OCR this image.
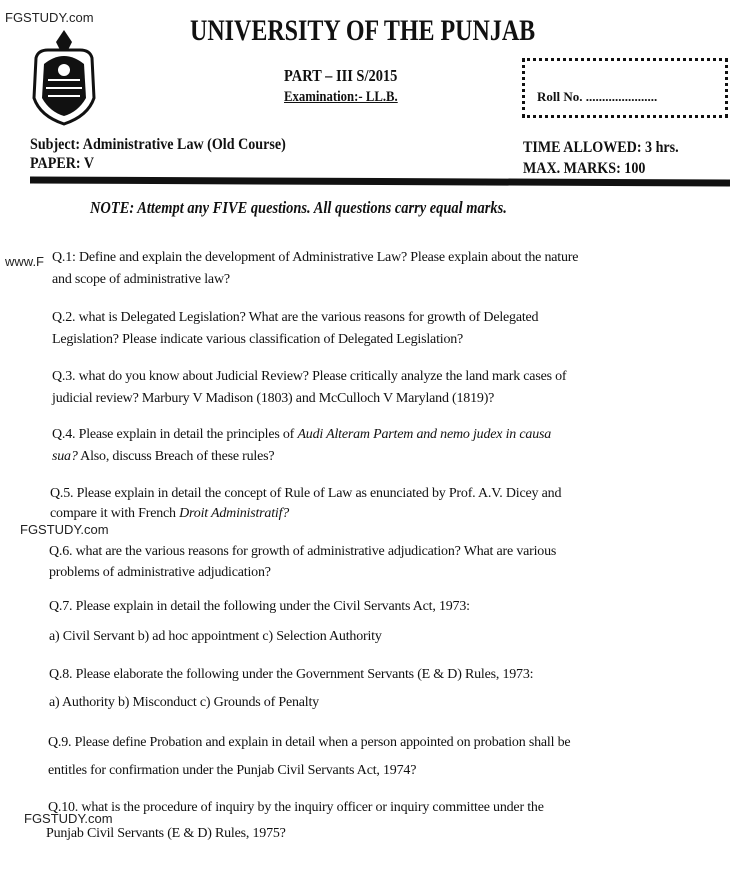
FGSTUDY.com
www.F
FGSTUDY.com
FGSTUDY.com
UNIVERSITY OF THE PUNJAB
PART – III S/2015
Examination:- LL.B.	Roll No. ......................
Subject: Administrative Law (Old Course)
PAPER: V
TIME ALLOWED: 3 hrs.
MAX. MARKS: 100
NOTE: Attempt any FIVE questions. All questions carry equal marks.
Q.1: Define and explain the development of Administrative Law? Please explain about the nature
and scope of administrative law?
Q.2. what is Delegated Legislation? What are the various reasons for growth of Delegated
Legislation? Please indicate various classification of Delegated Legislation?
Q.3. what do you know about Judicial Review? Please critically analyze the land mark cases of
judicial review? Marbury V Madison (1803) and McCulloch V Maryland (1819)?
Q.4. Please explain in detail the principles of Audi Alteram Partem and nemo judex in causa
sua? Also, discuss Breach of these rules?
Q.5. Please explain in detail the concept of Rule of Law as enunciated by Prof. A.V. Dicey and
compare it with French Droit Administratif?
Q.6. what are the various reasons for growth of administrative adjudication? What are various
problems of administrative adjudication?
Q.7. Please explain in detail the following under the Civil Servants Act, 1973:
a) Civil Servant b) ad hoc appointment c) Selection Authority
Q.8. Please elaborate the following under the Government Servants (E & D) Rules, 1973:
a) Authority b) Misconduct c) Grounds of Penalty
Q.9. Please define Probation and explain in detail when a person appointed on probation shall be
entitles for confirmation under the Punjab Civil Servants Act, 1974?
Q.10. what is the procedure of inquiry by the inquiry officer or inquiry committee under the
Punjab Civil Servants (E & D) Rules, 1975?
